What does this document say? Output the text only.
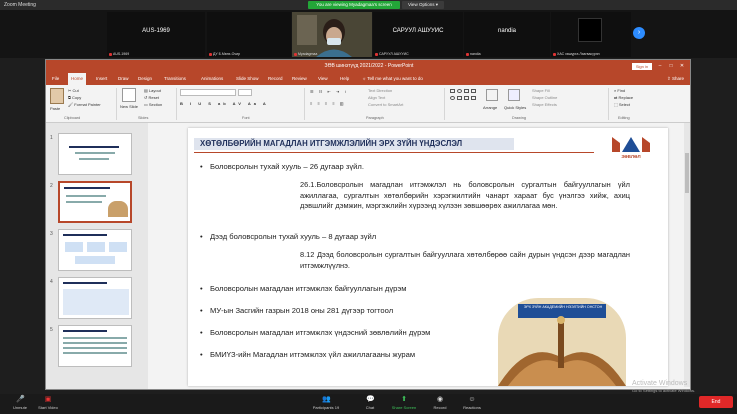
Zoom Meeting	You are viewing Myadagmaa's screen	View Options ▾
AUS-1969
AUS-1969	ДУ Б.Мөнх-Очир	Myadagmaa
САРУУЛ АШУУИС
САРУУЛ АШУУИС
nandia
nandia	ХАС хөшүрга Лхагвасүрэн
›
ЗӨВ шинэтүүд 2021/2022 - PowerPoint	Sign in	–	□	✕
File	Home	Insert Draw Design	Transitions	Animations	Slide Show Record Review View	Help	☼ Tell me what you want to do	⇪ Share
Paste
✂ Cut
⧉ Copy
🖌 Format Painter
Clipboard
New Slide
▤ Layout
↺ Reset
▭ Section
Slides
B I U S ab AV Aa A
Font
☰ ☷ ⇤ ⇥ ↕
≡ ≡ ≡ ≡ ▥
Text Direction
Align Text
Convert to SmartArt
Paragraph
Arrange Quick Styles
Shape Fill
Shape Outline
Shape Effects
Drawing
⌕ Find
⇄ Replace
⬚ Select
Editing
1
2
3
4
5
ХӨТӨЛБӨРИЙН МАГАДЛАН ИТГЭМЖЛЭЛИЙН ЭРХ ЗҮЙН ҮНДЭСЛЭЛ
ЗӨВЛӨЛ
• Боловсролын тухай хууль – 26 дугаар зүйл.
26.1.Боловсролын магадлан итгэмжлэл нь боловсролын сургалтын байгууллагын үйл ажиллагаа, сургалтын хөтөлбөрийн хэрэгжилтийн чанарт хараат бус үнэлгээ хийж, ахиц дэвшлийг дэмжин, мэргэжлийн хүрээнд хүлээн зөвшөөрөх ажиллагаа мөн.
• Дээд боловсролын тухай хууль – 8 дугаар зүйл
8.12 Дээд боловсролын сургалтын байгууллага хөтөлбөрөө сайн дурын үндсэн дээр магадлан итгэмжлүүлнэ.
• Боловсролын магадлан итгэмжлэх байгууллагын дүрэм
• МУ-ын Засгийн газрын 2018 оны 281 дүгээр тогтоол
• Боловсролын магадлан итгэмжлэх үндэсний зөвлөлийн дүрэм
• БМИҮЗ-ийн Магадлан итгэмжлэх үйл ажиллагааны журам
ЭРХ ЗҮЙН АКАДЕМИЙН НЭЭЛТИЙН ОНСТОН
Activate Windows
Go to Settings to activate Windows.
🎤
Unmute
▣
Start Video
👥
Participants 19
💬
Chat
⬆
Share Screen
◉
Record
☺
Reactions
End
